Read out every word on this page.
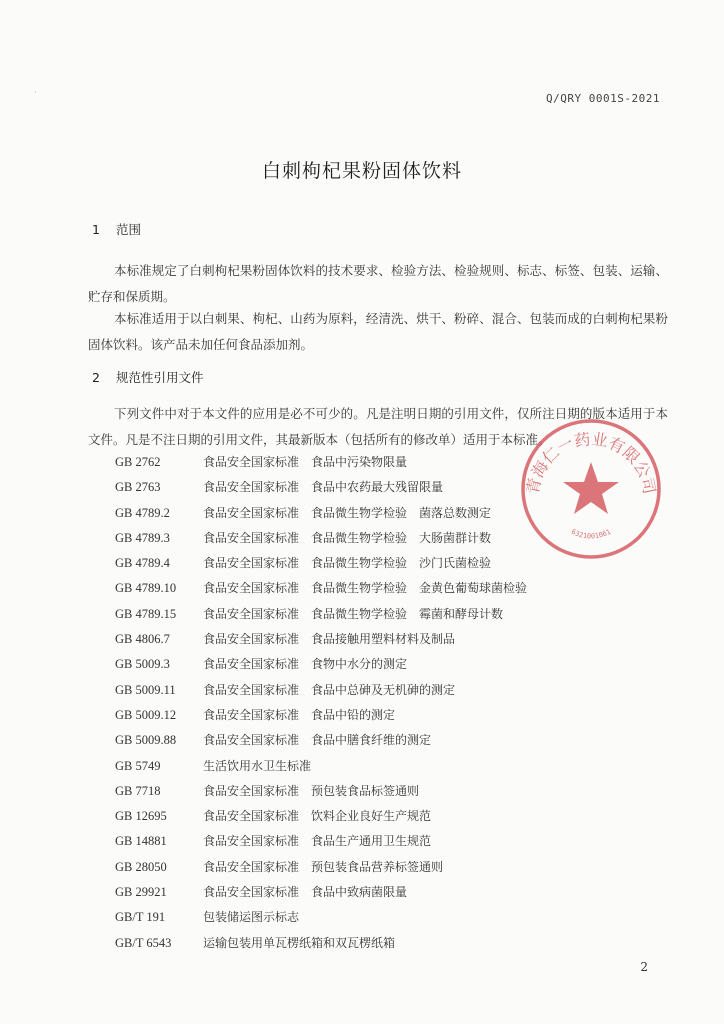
·	Q/QRY 0001S-2021
白刺枸杞果粉固体饮料
1 范围
本标准规定了白刺枸杞果粉固体饮料的技术要求、检验方法、检验规则、标志、标签、包装、运输、贮存和保质期。
本标准适用于以白刺果、枸杞、山药为原料，经清洗、烘干、粉碎、混合、包装而成的白刺枸杞果粉固体饮料。该产品未加任何食品添加剂。
2 规范性引用文件
下列文件中对于本文件的应用是必不可少的。凡是注明日期的引用文件，仅所注日期的版本适用于本文件。凡是不注日期的引用文件，其最新版本（包括所有的修改单）适用于本标准。
GB 2762	食品安全国家标准　食品中污染物限量
GB 2763	食品安全国家标准　食品中农药最大残留限量
GB 4789.2	食品安全国家标准　食品微生物学检验　菌落总数测定
GB 4789.3	食品安全国家标准　食品微生物学检验　大肠菌群计数
GB 4789.4	食品安全国家标准　食品微生物学检验　沙门氏菌检验
GB 4789.10 食品安全国家标准　食品微生物学检验　金黄色葡萄球菌检验
GB 4789.15 食品安全国家标准　食品微生物学检验　霉菌和酵母计数
GB 4806.7	食品安全国家标准　食品接触用塑料材料及制品
GB 5009.3	食品安全国家标准　食物中水分的测定
GB 5009.11 食品安全国家标准　食品中总砷及无机砷的测定
GB 5009.12 食品安全国家标准　食品中铅的测定
GB 5009.88 食品安全国家标准　食品中膳食纤维的测定
GB 5749	生活饮用水卫生标准
GB 7718	食品安全国家标准　预包装食品标签通则
GB 12695	食品安全国家标准　饮料企业良好生产规范
GB 14881	食品安全国家标准　食品生产通用卫生规范
GB 28050	食品安全国家标准　预包装食品营养标签通则
GB 29921	食品安全国家标准　食品中致病菌限量
GB/T 191	包装储运图示标志
GB/T 6543	运输包装用单瓦楞纸箱和双瓦楞纸箱
青海仁一药业有限公司
6321001061
2
